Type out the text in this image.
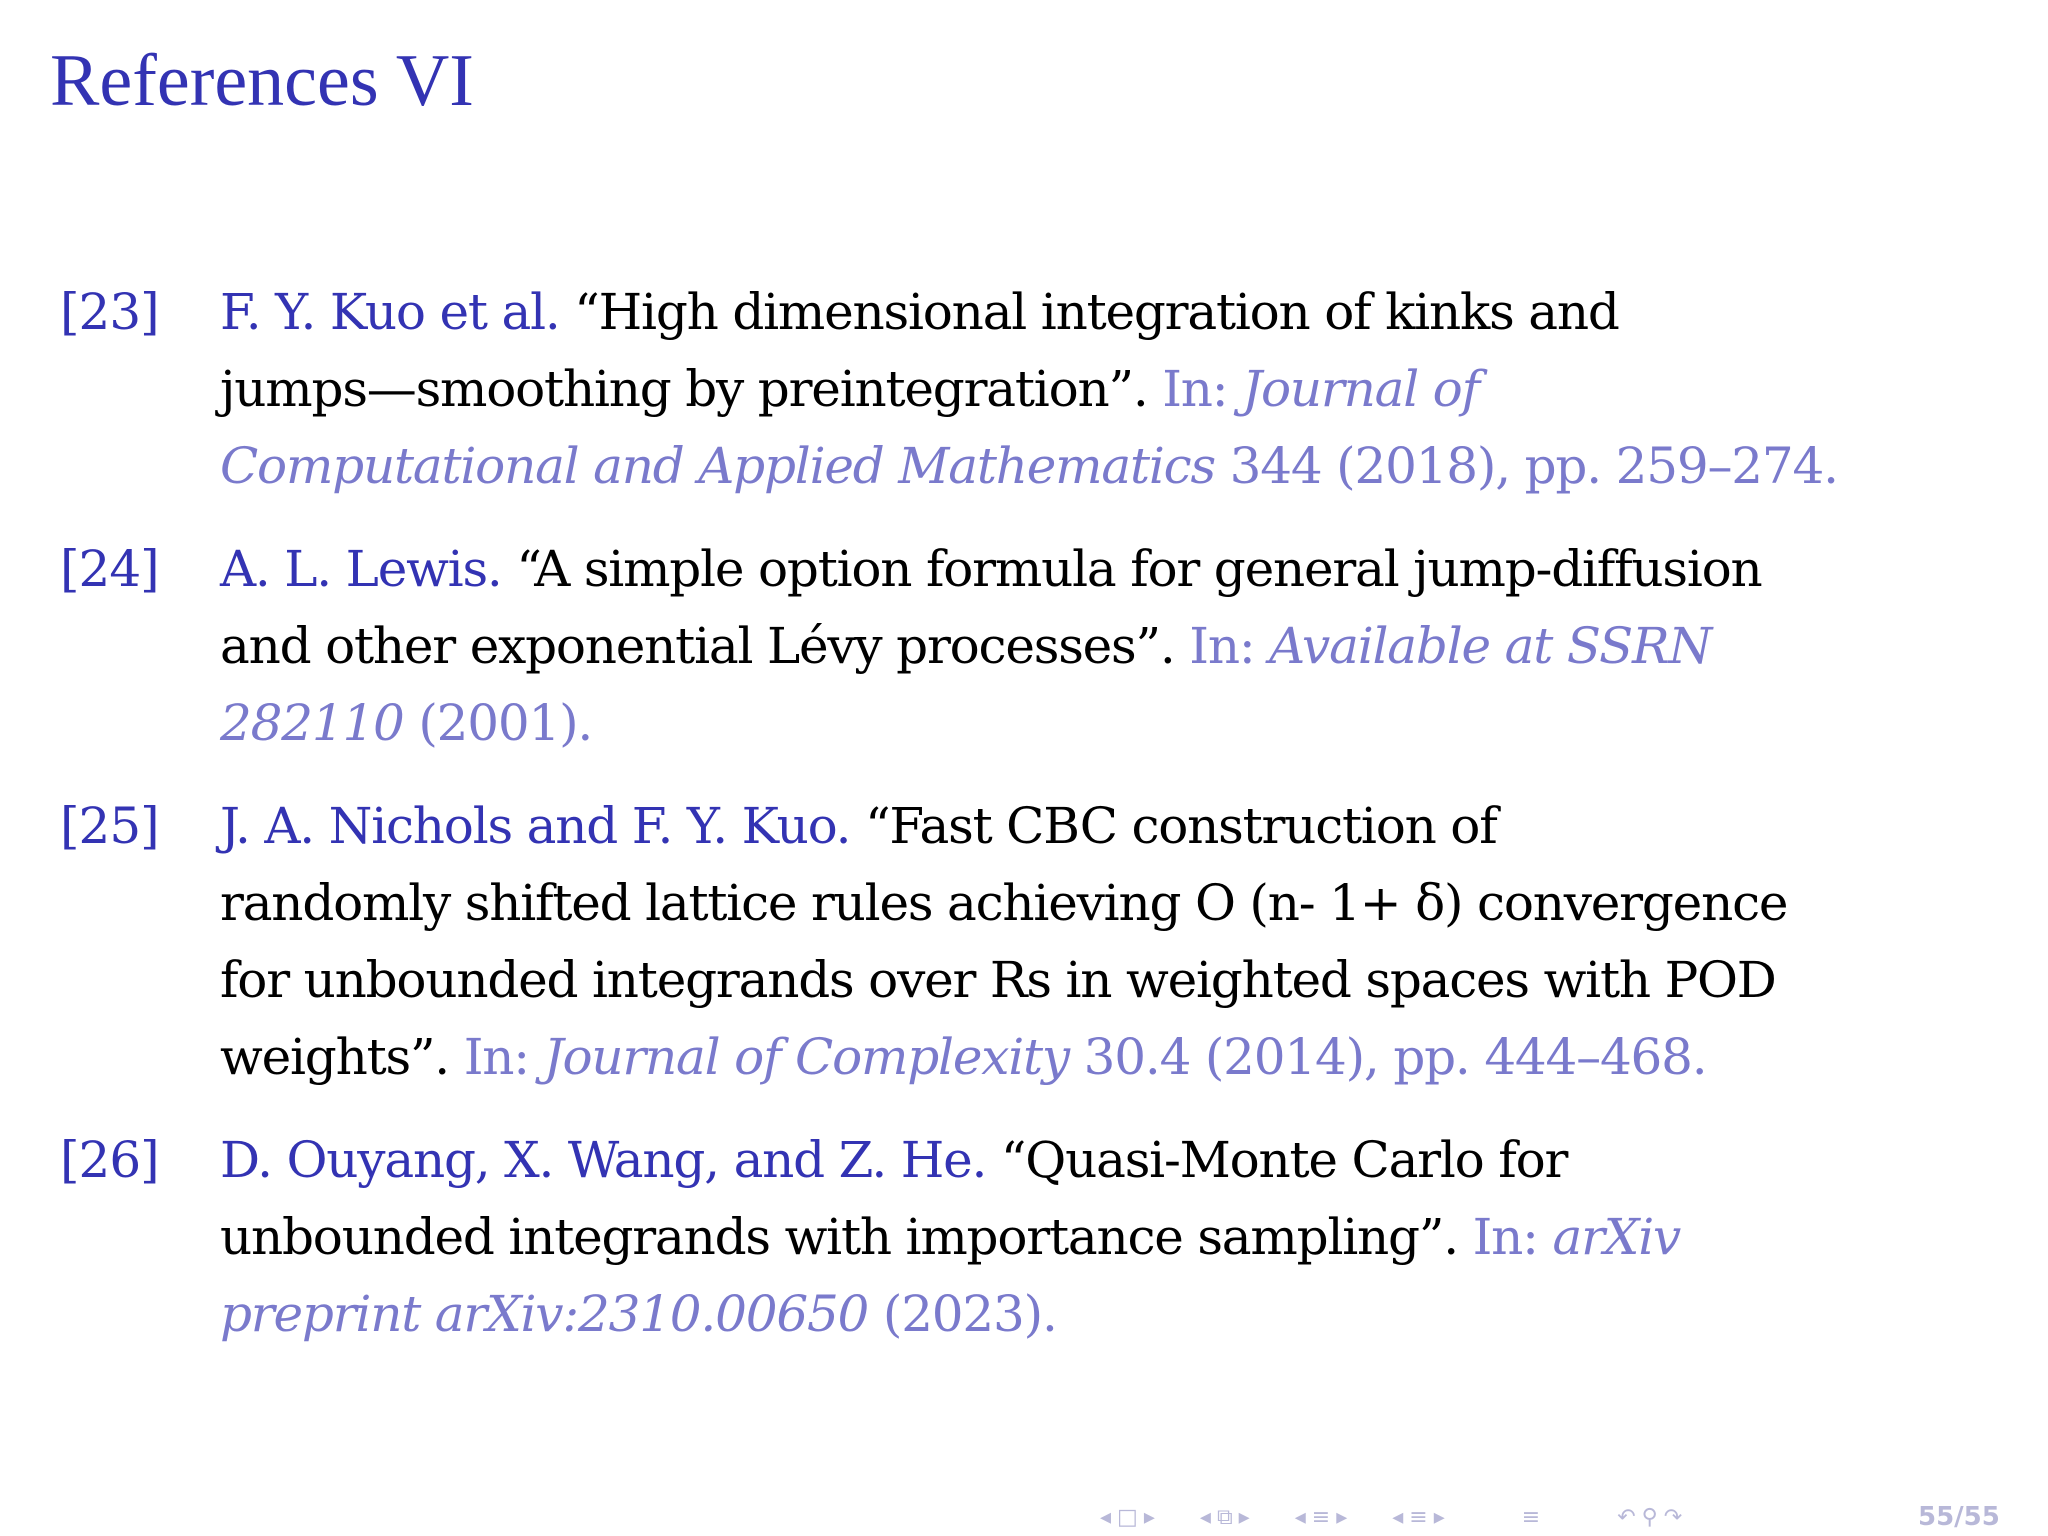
References VI
[23] F. Y. Kuo et al. “High dimensional integration of kinks and
jumps—smoothing by preintegration”. In: Journal of
Computational and Applied Mathematics 344 (2018), pp. 259–274.
[24] A. L. Lewis. “A simple option formula for general jump-diffusion
and other exponential Lévy processes”. In: Available at SSRN
282110 (2001).
[25] J. A. Nichols and F. Y. Kuo. “Fast CBC construction of
randomly shifted lattice rules achieving O (n- 1+ δ) convergence
for unbounded integrands over Rs in weighted spaces with POD
weights”. In: Journal of Complexity 30.4 (2014), pp. 444–468.
[26] D. Ouyang, X. Wang, and Z. He. “Quasi-Monte Carlo for
unbounded integrands with importance sampling”. In: arXiv
preprint arXiv:2310.00650 (2023).
◂ □ ▸ ◂ ⧉ ▸ ◂ ≡ ▸ ◂ ≡ ▸	≡	↶ ⚲ ↷	55/55
